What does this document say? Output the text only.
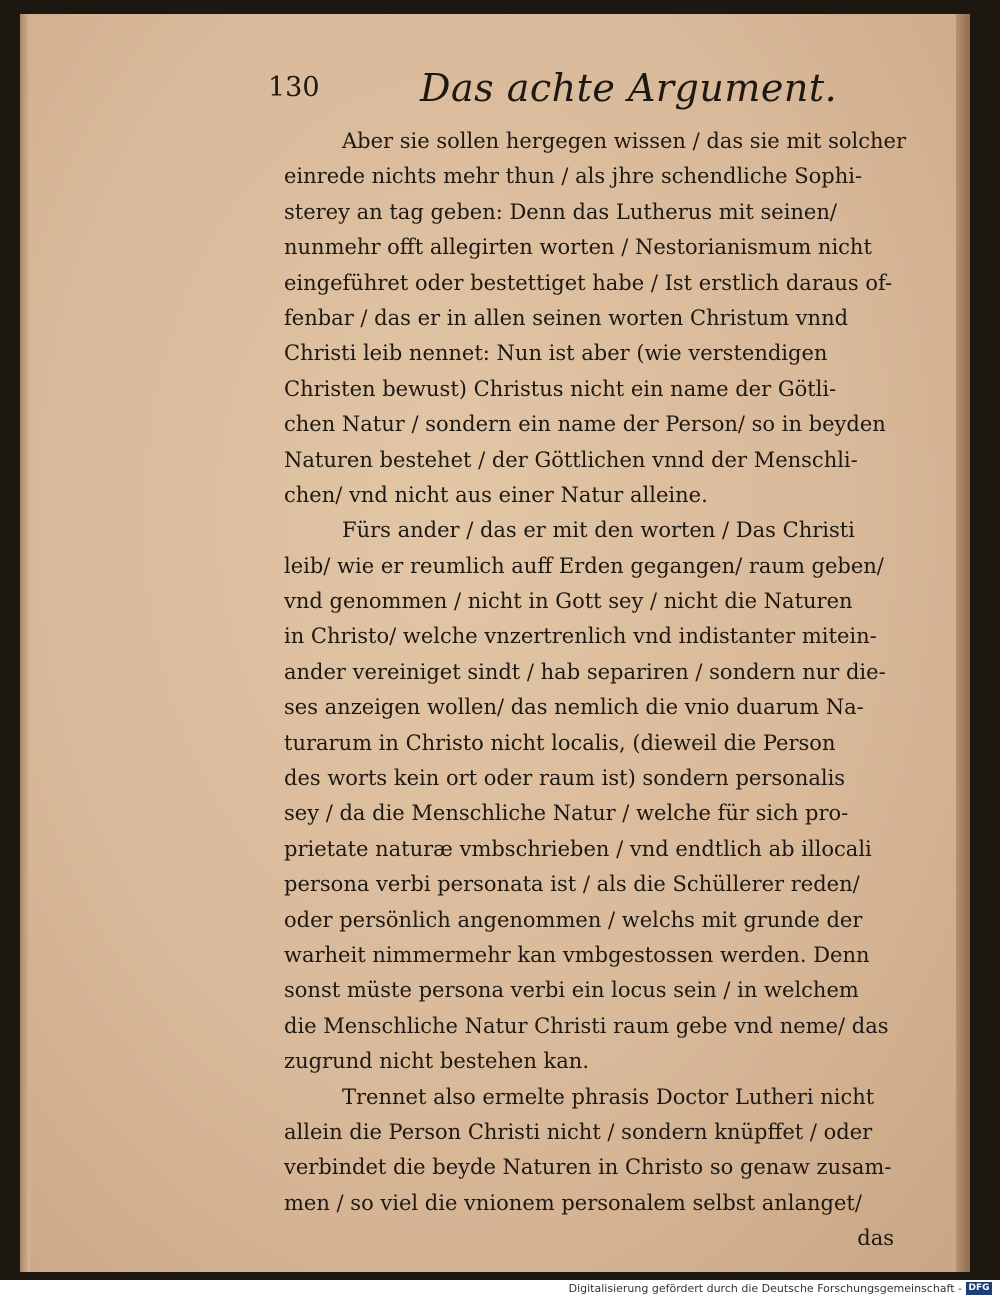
130	Das achte Argument.
Aber sie sollen hergegen wissen / das sie mit solcher
einrede nichts mehr thun / als jhre schendliche Sophi-
sterey an tag geben: Denn das Lutherus mit seinen/
nunmehr offt allegirten worten / Nestorianismum nicht
eingeführet oder bestettiget habe / Ist erstlich daraus of-
fenbar / das er in allen seinen worten Christum vnnd
Christi leib nennet: Nun ist aber (wie verstendigen
Christen bewust) Christus nicht ein name der Götli-
chen Natur / sondern ein name der Person/ so in beyden
Naturen bestehet / der Göttlichen vnnd der Menschli-
chen/ vnd nicht aus einer Natur alleine.
Fürs ander / das er mit den worten / Das Christi
leib/ wie er reumlich auff Erden gegangen/ raum geben/
vnd genommen / nicht in Gott sey / nicht die Naturen
in Christo/ welche vnzertrenlich vnd indistanter mitein-
ander vereiniget sindt / hab separiren / sondern nur die-
ses anzeigen wollen/ das nemlich die vnio duarum Na-
turarum in Christo nicht localis, (dieweil die Person
des worts kein ort oder raum ist) sondern personalis
sey / da die Menschliche Natur / welche für sich pro-
prietate naturæ vmbschrieben / vnd endtlich ab illocali
persona verbi personata ist / als die Schüllerer reden/
oder persönlich angenommen / welchs mit grunde der
warheit nimmermehr kan vmbgestossen werden. Denn
sonst müste persona verbi ein locus sein / in welchem
die Menschliche Natur Christi raum gebe vnd neme/ das
zugrund nicht bestehen kan.
Trennet also ermelte phrasis Doctor Lutheri nicht
allein die Person Christi nicht / sondern knüpffet / oder
verbindet die beyde Naturen in Christo so genaw zusam-
men / so viel die vnionem personalem selbst anlanget/
das
Digitalisierung gefördert durch die Deutsche Forschungsgemeinschaft - DFG
